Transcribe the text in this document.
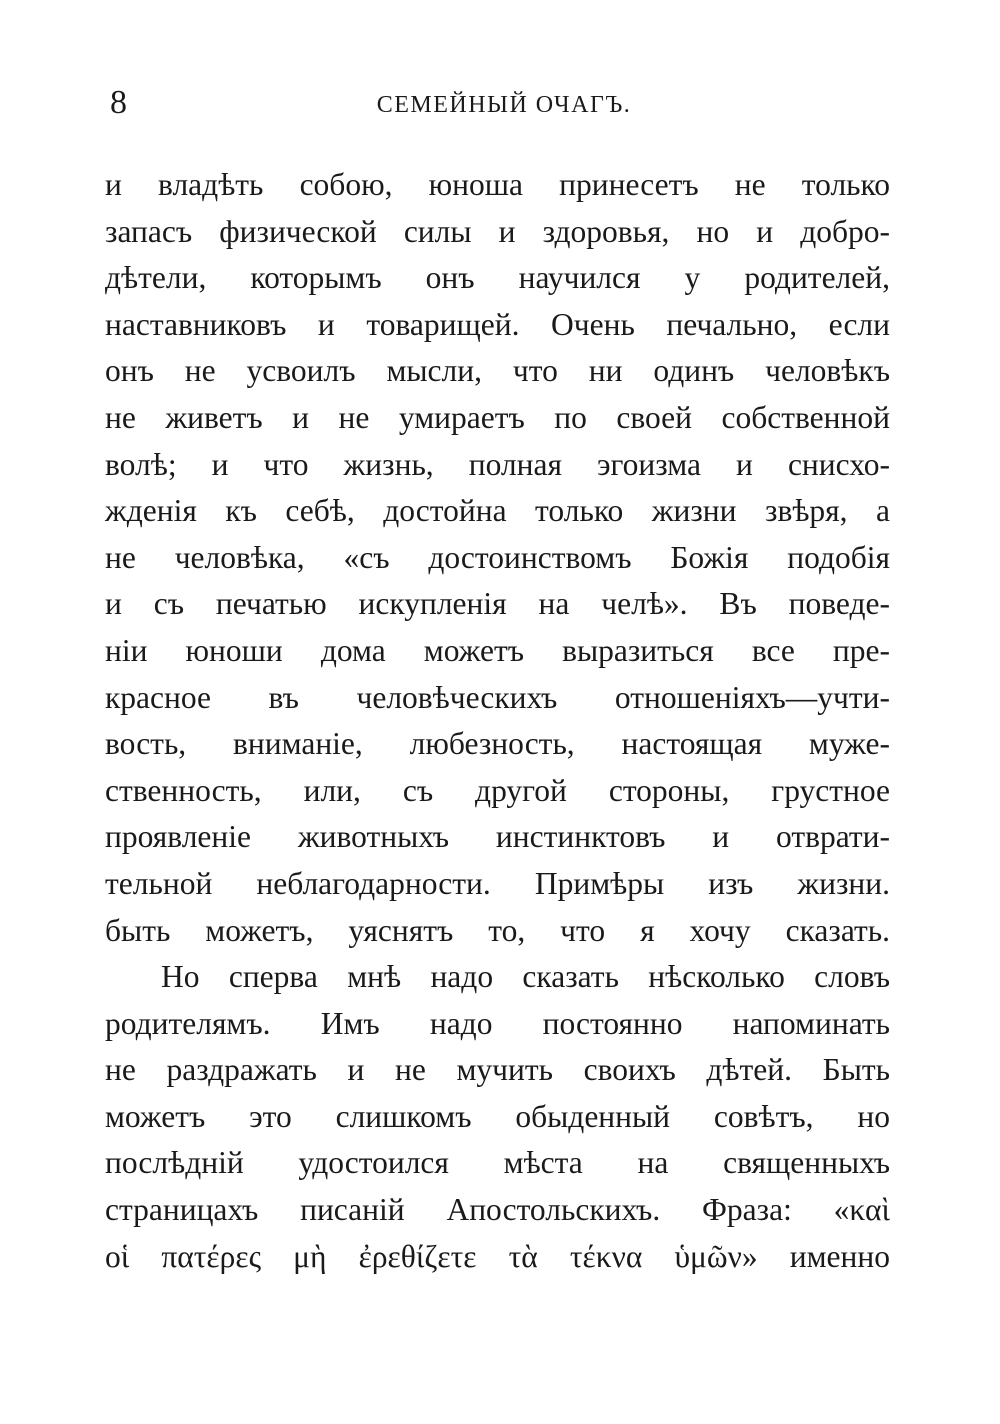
8	СЕМЕЙНЫЙ ОЧАГЪ.
и владѣть собою, юноша принесетъ не только
запасъ физической силы и здоровья, но и добро-
дѣтели, которымъ онъ научился у родителей,
наставниковъ и товарищей. Очень печально, если
онъ не усвоилъ мысли, что ни одинъ человѣкъ
не живетъ и не умираетъ по своей собственной
волѣ; и что жизнь, полная эгоизма и снисхо-
жденія къ себѣ, достойна только жизни звѣря, а
не человѣка, «съ достоинствомъ Божія подобія
и съ печатью искупленія на челѣ». Въ поведе-
ніи юноши дома можетъ выразиться все пре-
красное въ человѣческихъ отношеніяхъ—учти-
вость, вниманіе, любезность, настоящая муже-
ственность, или, съ другой стороны, грустное
проявленіе животныхъ инстинктовъ и отврати-
тельной неблагодарности. Примѣры изъ жизни.
быть можетъ, уяснятъ то, что я хочу сказать.
Но сперва мнѣ надо сказать нѣсколько словъ
родителямъ. Имъ надо постоянно напоминать
не раздражать и не мучить своихъ дѣтей. Быть
можетъ это слишкомъ обыденный совѣтъ, но
послѣдній удостоился мѣста на священныхъ
страницахъ писаній Апостольскихъ. Фраза: «καὶ
οἱ πατέρες μὴ ἐρεθίζετε τὰ τέκνα ὑμῶν» именно
